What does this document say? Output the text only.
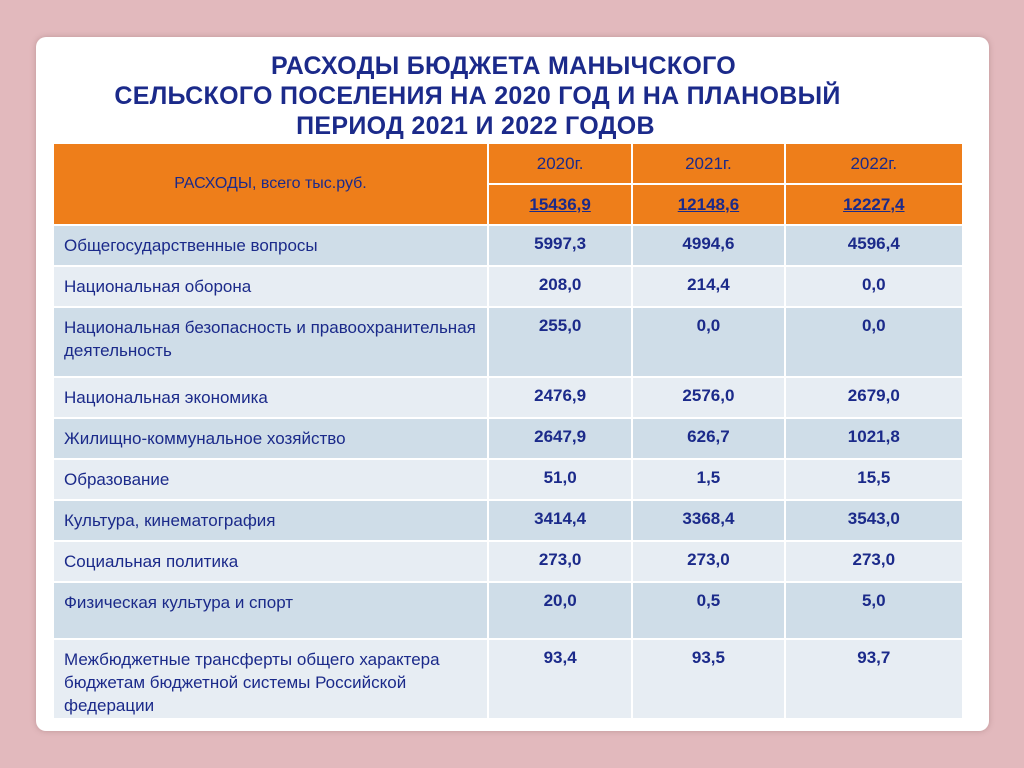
РАСХОДЫ БЮДЖЕТА МАНЫЧСКОГО
СЕЛЬСКОГО ПОСЕЛЕНИЯ НА 2020 ГОД И НА ПЛАНОВЫЙ
ПЕРИОД 2021 И 2022 ГОДОВ
РАСХОДЫ, всего тыс.руб.	2020г.	2021г.	2022г.
	15436,9	12148,6	12227,4
Общегосударственные вопросы	5997,3	4994,6	4596,4
Национальная оборона	208,0	214,4	0,0
Национальная безопасность и правоохранительная деятельность	255,0	0,0	0,0
Национальная экономика	2476,9	2576,0	2679,0
Жилищно-коммунальное хозяйство	2647,9	626,7	1021,8
Образование	51,0	1,5	15,5
Культура, кинематография	3414,4	3368,4	3543,0
Социальная политика	273,0	273,0	273,0
Физическая культура и спорт	20,0	0,5	5,0
Межбюджетные трансферты общего характера бюджетам бюджетной системы Российской федерации	93,4	93,5	93,7
